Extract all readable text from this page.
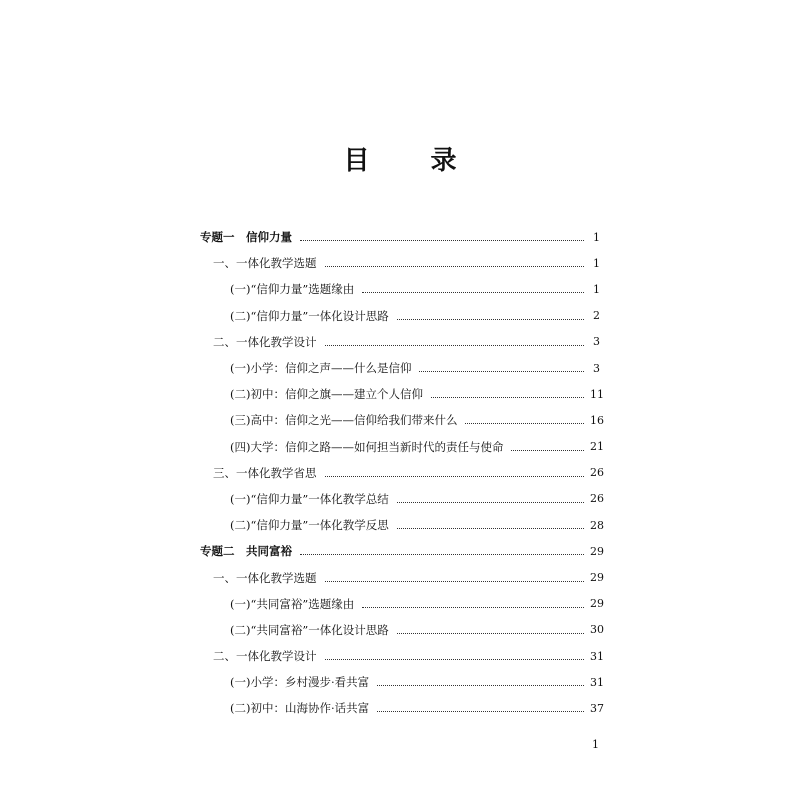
目 录
专题一　信仰力量	1
一、一体化教学选题	1
(一)“信仰力量”选题缘由	1
(二)“信仰力量”一体化设计思路	2
二、一体化教学设计	3
(一)小学：信仰之声——什么是信仰	3
(二)初中：信仰之旗——建立个人信仰	11
(三)高中：信仰之光——信仰给我们带来什么	16
(四)大学：信仰之路——如何担当新时代的责任与使命	21
三、一体化教学省思	26
(一)“信仰力量”一体化教学总结	26
(二)“信仰力量”一体化教学反思	28
专题二　共同富裕	29
一、一体化教学选题	29
(一)“共同富裕”选题缘由	29
(二)“共同富裕”一体化设计思路	30
二、一体化教学设计	31
(一)小学：乡村漫步·看共富	31
(二)初中：山海协作·话共富	37
1
